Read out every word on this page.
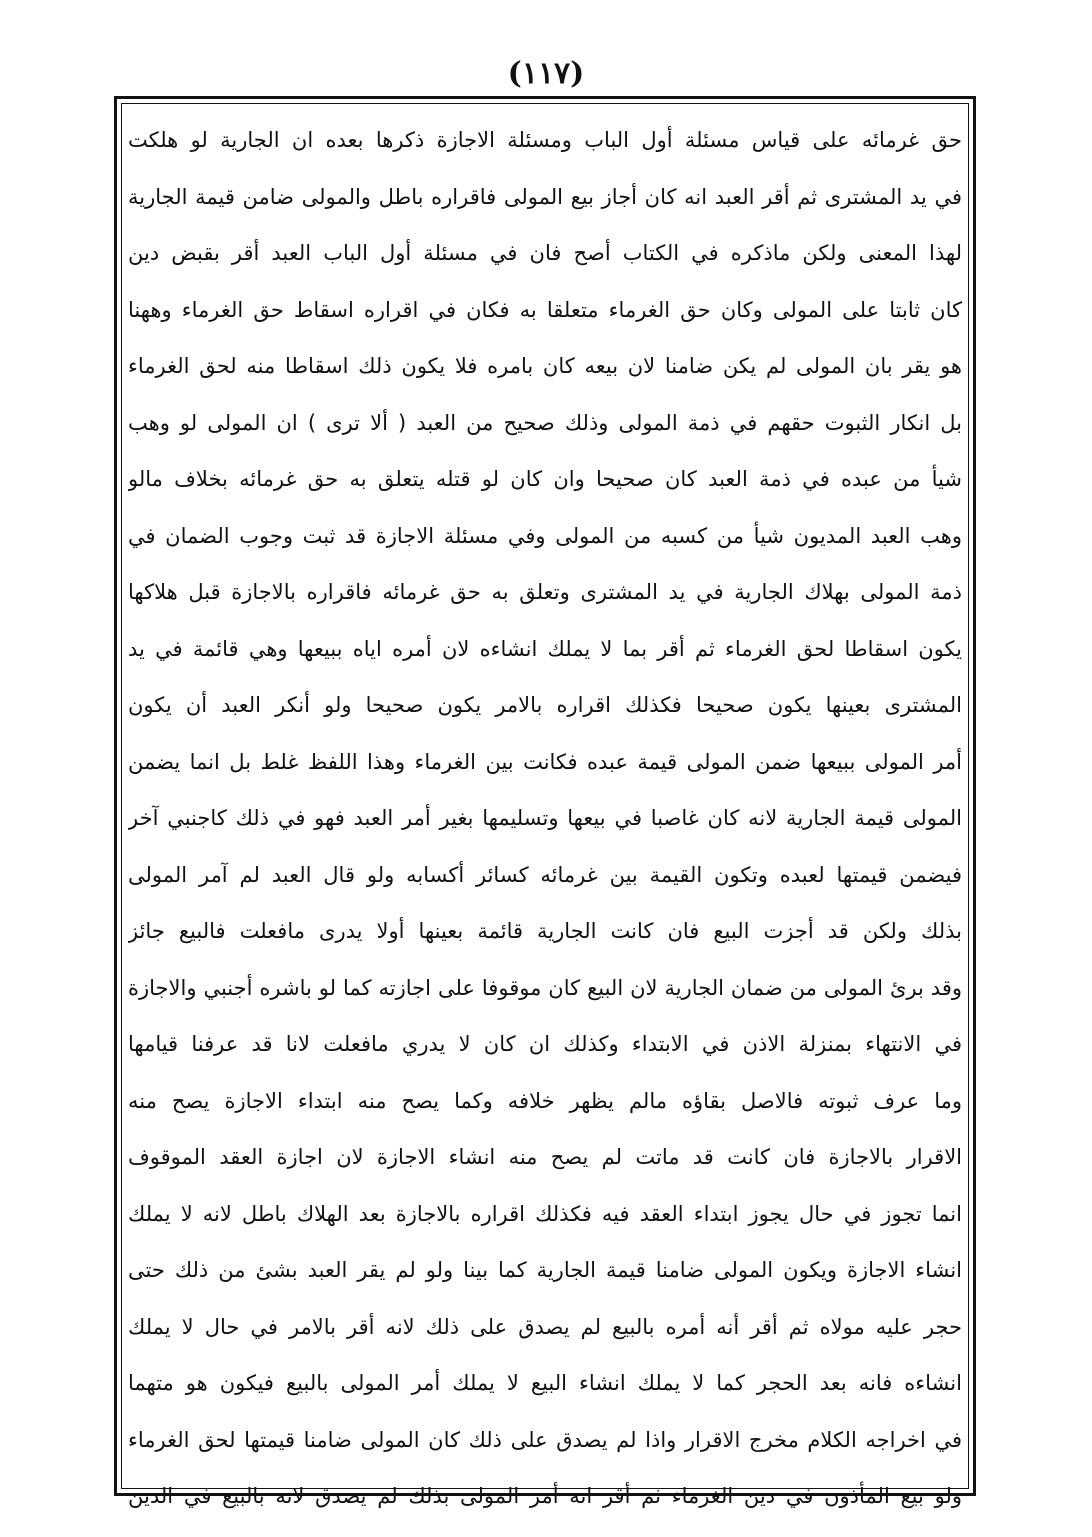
(١١٧)
حق غرمائه على قياس مسئلة أول الباب ومسئلة الاجازة ذكرها بعده ان الجارية لو هلكت
في يد المشترى ثم أقر العبد انه كان أجاز بيع المولى فاقراره باطل والمولى ضامن قيمة الجارية
لهذا المعنى ولكن ماذكره في الكتاب أصح فان في مسئلة أول الباب العبد أقر بقبض دين
كان ثابتا على المولى وكان حق الغرماء متعلقا به فكان في اقراره اسقاط حق الغرماء وههنا
هو يقر بان المولى لم يكن ضامنا لان بيعه كان بامره فلا يكون ذلك اسقاطا منه لحق الغرماء
بل انكار الثبوت حقهم في ذمة المولى وذلك صحيح من العبد ( ألا ترى ) ان المولى لو وهب
شيأ من عبده في ذمة العبد كان صحيحا وان كان لو قتله يتعلق به حق غرمائه بخلاف مالو
وهب العبد المديون شيأ من كسبه من المولى وفي مسئلة الاجازة قد ثبت وجوب الضمان في
ذمة المولى بهلاك الجارية في يد المشترى وتعلق به حق غرمائه فاقراره بالاجازة قبل هلاكها
يكون اسقاطا لحق الغرماء ثم أقر بما لا يملك انشاءه لان أمره اياه ببيعها وهي قائمة في يد
المشترى بعينها يكون صحيحا فكذلك اقراره بالامر يكون صحيحا ولو أنكر العبد أن يكون
أمر المولى ببيعها ضمن المولى قيمة عبده فكانت بين الغرماء وهذا اللفظ غلط بل انما يضمن
المولى قيمة الجارية لانه كان غاصبا في بيعها وتسليمها بغير أمر العبد فهو في ذلك كاجنبي آخر
فيضمن قيمتها لعبده وتكون القيمة بين غرمائه كسائر أكسابه ولو قال العبد لم آمر المولى
بذلك ولكن قد أجزت البيع فان كانت الجارية قائمة بعينها أولا يدرى مافعلت فالبيع جائز
وقد برئ المولى من ضمان الجارية لان البيع كان موقوفا على اجازته كما لو باشره أجنبي والاجازة
في الانتهاء بمنزلة الاذن في الابتداء وكذلك ان كان لا يدري مافعلت لانا قد عرفنا قيامها
وما عرف ثبوته فالاصل بقاؤه مالم يظهر خلافه وكما يصح منه ابتداء الاجازة يصح منه
الاقرار بالاجازة فان كانت قد ماتت لم يصح منه انشاء الاجازة لان اجازة العقد الموقوف
انما تجوز في حال يجوز ابتداء العقد فيه فكذلك اقراره بالاجازة بعد الهلاك باطل لانه لا يملك
انشاء الاجازة ويكون المولى ضامنا قيمة الجارية كما بينا ولو لم يقر العبد بشئ من ذلك حتى
حجر عليه مولاه ثم أقر أنه أمره بالبيع لم يصدق على ذلك لانه أقر بالامر في حال لا يملك
انشاءه فانه بعد الحجر كما لا يملك انشاء البيع لا يملك أمر المولى بالبيع فيكون هو متهما
في اخراجه الكلام مخرج الاقرار واذا لم يصدق على ذلك كان المولى ضامنا قيمتها لحق الغرماء
ولو بيع المأذون في دين الغرماء ثم أقر انه أمر المولى بذلك لم يصدق لانه بالبيع في الدين
